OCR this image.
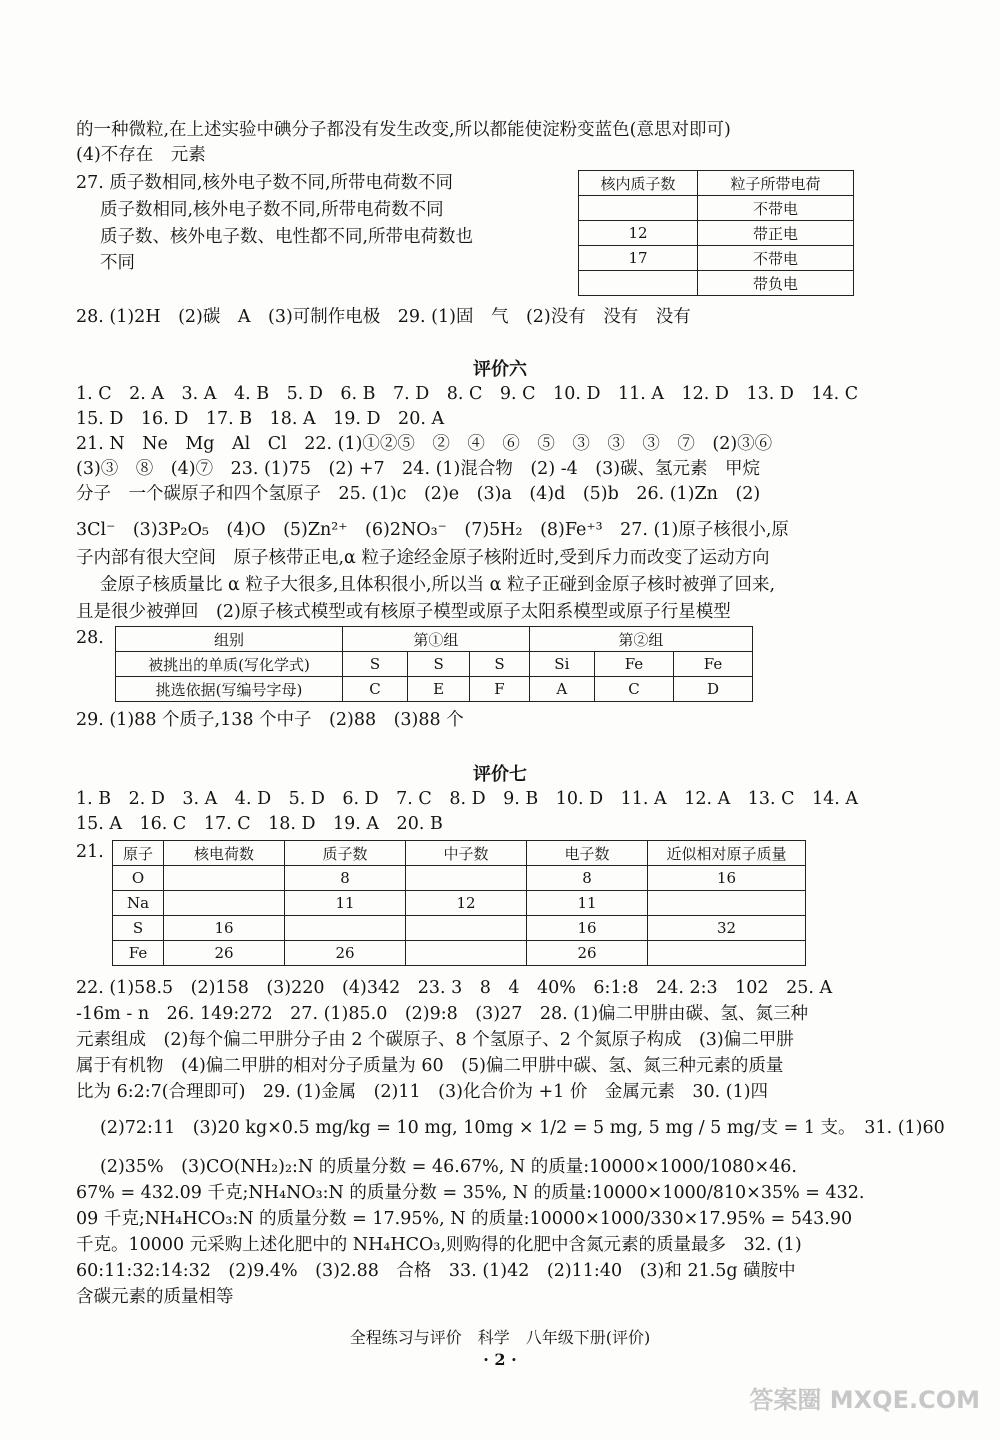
的一种微粒,在上述实验中碘分子都没有发生改变,所以都能使淀粉变蓝色(意思对即可)
(4)不存在　元素
27. 质子数相同,核外电子数不同,所带电荷数不同
质子数相同,核外电子数不同,所带电荷数不同
质子数、核外电子数、电性都不同,所带电荷数也
不同
核内质子数	粒子所带电荷
	不带电
12	带正电
17	不带电
	带负电
28. (1)2H　(2)碳　A　(3)可制作电极　29. (1)固　气　(2)没有　没有　没有
评价六
1. C　2. A　3. A　4. B　5. D　6. B　7. D　8. C　9. C　10. D　11. A　12. D　13. D　14. C
15. D　16. D　17. B　18. A　19. D　20. A
21. N　Ne　Mg　Al　Cl　22. (1)①②⑤　②　④　⑥　⑤　③　③　③　⑦　(2)③⑥
(3)③　⑧　(4)⑦　23. (1)75　(2) +7　24. (1)混合物　(2) -4　(3)碳、氢元素　甲烷
分子　一个碳原子和四个氢原子　25. (1)c　(2)e　(3)a　(4)d　(5)b　26. (1)Zn　(2)
3Cl⁻　(3)3P₂O₅　(4)O　(5)Zn²⁺　(6)2NO₃⁻　(7)5H₂　(8)Fe⁺³　27. (1)原子核很小,原
子内部有很大空间　原子核带正电,α 粒子途经金原子核附近时,受到斥力而改变了运动方向
金原子核质量比 α 粒子大很多,且体积很小,所以当 α 粒子正碰到金原子核时被弹了回来,
且是很少被弹回　(2)原子核式模型或有核原子模型或原子太阳系模型或原子行星模型
28.	组别	第①组			第②组		
被挑出的单质(写化学式)	S	S	S	Si	Fe	Fe
挑选依据(写编号字母)	C	E	F	A	C	D
29. (1)88 个质子,138 个中子　(2)88　(3)88 个
评价七
1. B　2. D　3. A　4. D　5. D　6. D　7. C　8. D　9. B　10. D　11. A　12. A　13. C　14. A
15. A　16. C　17. C　18. D　19. A　20. B
21. 原子	核电荷数	质子数	中子数	电子数	近似相对原子质量
O		8		8	16
Na		11	12	11	
S	16			16	32
Fe	26	26		26	
22. (1)58.5　(2)158　(3)220　(4)342　23. 3　8　4　40%　6:1:8　24. 2:3　102　25. A
-16m - n　26. 149:272　27. (1)85.0　(2)9:8　(3)27　28. (1)偏二甲肼由碳、氢、氮三种
元素组成　(2)每个偏二甲肼分子由 2 个碳原子、8 个氢原子、2 个氮原子构成　(3)偏二甲肼
属于有机物　(4)偏二甲肼的相对分子质量为 60　(5)偏二甲肼中碳、氢、氮三种元素的质量
比为 6:2:7(合理即可)　29. (1)金属　(2)11　(3)化合价为 +1 价　金属元素　30. (1)四
(2)72:11　(3)20 kg×0.5 mg/kg = 10 mg, 10mg × 1/2 = 5 mg, 5 mg / 5 mg/支 = 1 支。　31. (1)60
(2)35%　(3)CO(NH₂)₂:N 的质量分数 = 46.67%, N 的质量:10000×1000/1080×46.
67% = 432.09 千克;NH₄NO₃:N 的质量分数 = 35%, N 的质量:10000×1000/810×35% = 432.
09 千克;NH₄HCO₃:N 的质量分数 = 17.95%, N 的质量:10000×1000/330×17.95% = 543.90
千克。10000 元采购上述化肥中的 NH₄HCO₃,则购得的化肥中含氮元素的质量最多　32. (1)
60:11:32:14:32　(2)9.4%　(3)2.88　合格　33. (1)42　(2)11:40　(3)和 21.5g 磺胺中
含碳元素的质量相等
全程练习与评价　科学　八年级下册(评价)
· 2 ·
答案圈 MXQE.COM
